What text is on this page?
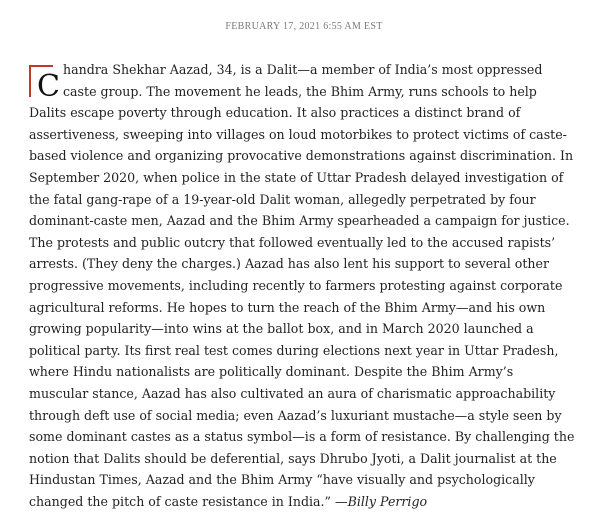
FEBRUARY 17, 2021 6:55 AM EST
C handra Shekhar Aazad, 34, is a Dalit—a member of India’s most oppressed
caste group. The movement he leads, the Bhim Army, runs schools to help
Dalits escape poverty through education. It also practices a distinct brand of
assertiveness, sweeping into villages on loud motorbikes to protect victims of caste-
based violence and organizing provocative demonstrations against discrimination. In
September 2020, when police in the state of Uttar Pradesh delayed investigation of
the fatal gang-rape of a 19-year-old Dalit woman, allegedly perpetrated by four
dominant-caste men, Aazad and the Bhim Army spearheaded a campaign for justice.
The protests and public outcry that followed eventually led to the accused rapists’
arrests. (They deny the charges.) Aazad has also lent his support to several other
progressive movements, including recently to farmers protesting against corporate
agricultural reforms. He hopes to turn the reach of the Bhim Army—and his own
growing popularity—into wins at the ballot box, and in March 2020 launched a
political party. Its first real test comes during elections next year in Uttar Pradesh,
where Hindu nationalists are politically dominant. Despite the Bhim Army’s
muscular stance, Aazad has also cultivated an aura of charismatic approachability
through deft use of social media; even Aazad’s luxuriant mustache—a style seen by
some dominant castes as a status symbol—is a form of resistance. By challenging the
notion that Dalits should be deferential, says Dhrubo Jyoti, a Dalit journalist at the
Hindustan Times, Aazad and the Bhim Army “have visually and psychologically
changed the pitch of caste resistance in India.” —Billy Perrigo
